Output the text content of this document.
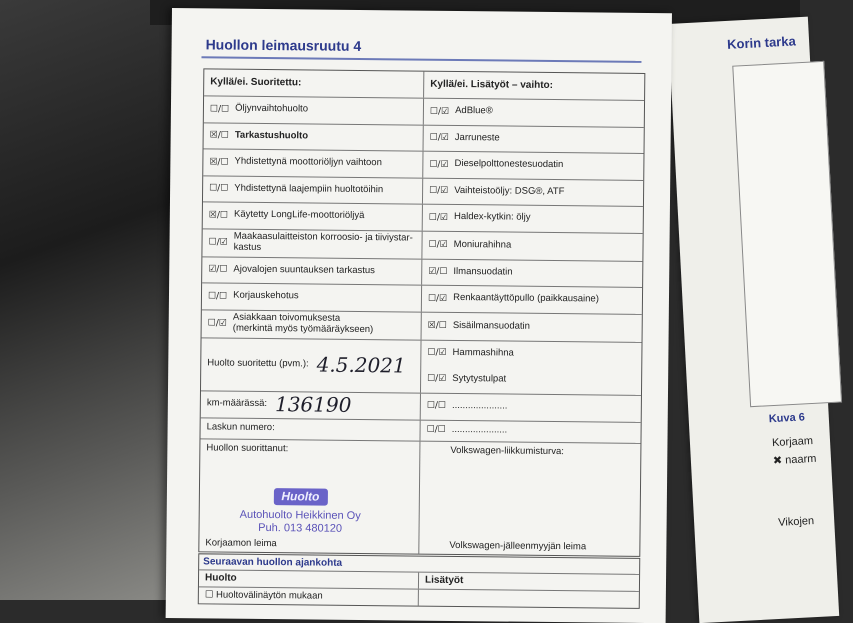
Korin tarka
Kuva 6
Korjaam
✖ naarm
Vikojen
Huollon leimausruutu 4
Kyllä/ei. Suoritettu:	Kyllä/ei. Lisätyöt – vaihto:
☐/☐ Öljynvaihtohuolto	☐/☑ AdBlue®
☒/☐ Tarkastushuolto	☐/☑ Jarruneste
☒/☐ Yhdistettynä moottoriöljyn vaihtoon	☐/☑ Dieselpolttonestesuodatin
☐/☐ Yhdistettynä laajempiin huoltotöihin	☐/☑ Vaihteistoöljy: DSG®, ATF
☒/☐ Käytetty LongLife-moottoriöljyä	☐/☑ Haldex-kytkin: öljy
☐/☑ Maakaasulaitteiston korroosio- ja tiiviystar-
kastus	☐/☑ Moniurahihna
☑/☐ Ajovalojen suuntauksen tarkastus	☑/☐ Ilmansuodatin
☐/☐ Korjauskehotus	☐/☑ Renkaantäyttöpullo (paikkausaine)
☐/☑ Asiakkaan toivomuksesta
(merkintä myös työmääräykseen)	☒/☐ Sisäilmansuodatin
Huolto suoritettu (pvm.): 4.5.2021 ☐/☑ Hammashihna
☐/☑ Sytytystulpat
km-määrässä: 136190	☐/☐ .....................
Laskun numero:	☐/☐ .....................
Huollon suorittanut:
Huolto
Autohuolto Heikkinen Oy
Puh. 013 480120
Korjaamon leima
Volkswagen-liikkumisturva:
Volkswagen-jälleenmyyjän leima
Seuraavan huollon ajankohta
Huolto	Lisätyöt
☐ Huoltovälinäytön mukaan
